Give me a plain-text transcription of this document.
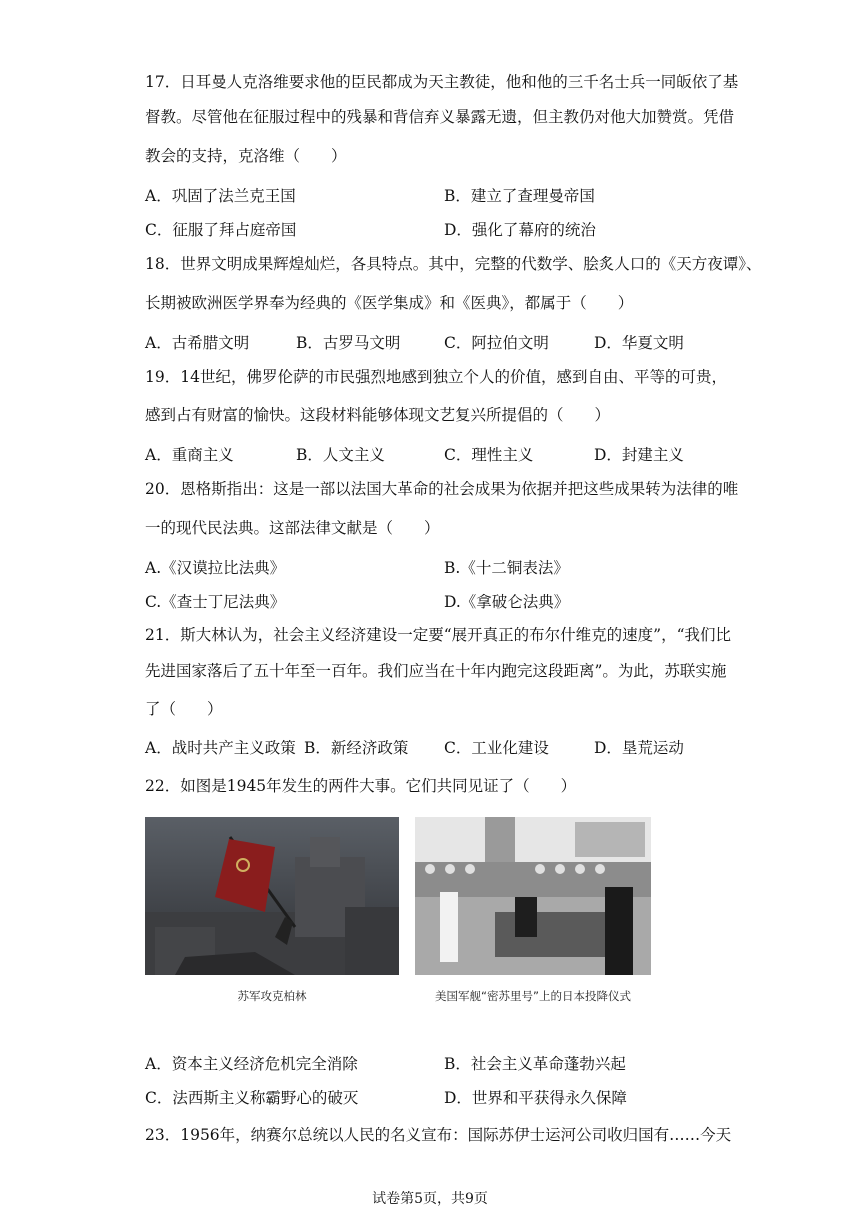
17．日耳曼人克洛维要求他的臣民都成为天主教徒，他和他的三千名士兵一同皈依了基
督教。尽管他在征服过程中的残暴和背信弃义暴露无遗，但主教仍对他大加赞赏。凭借
教会的支持，克洛维（　　）
A．巩固了法兰克王国	B．建立了查理曼帝国
C．征服了拜占庭帝国	D．强化了幕府的统治
18．世界文明成果辉煌灿烂，各具特点。其中，完整的代数学、脍炙人口的《天方夜谭》、
长期被欧洲医学界奉为经典的《医学集成》和《医典》，都属于（　　）
A．古希腊文明	B．古罗马文明	C．阿拉伯文明	D．华夏文明
19．14世纪，佛罗伦萨的市民强烈地感到独立个人的价值，感到自由、平等的可贵，
感到占有财富的愉快。这段材料能够体现文艺复兴所提倡的（　　）
A．重商主义	B．人文主义	C．理性主义	D．封建主义
20．恩格斯指出：这是一部以法国大革命的社会成果为依据并把这些成果转为法律的唯
一的现代民法典。这部法律文献是（　　）
A.《汉谟拉比法典》	B.《十二铜表法》
C.《查士丁尼法典》	D.《拿破仑法典》
21．斯大林认为，社会主义经济建设一定要“展开真正的布尔什维克的速度”，“我们比
先进国家落后了五十年至一百年。我们应当在十年内跑完这段距离”。为此，苏联实施
了（　　）
A．战时共产主义政策 B．新经济政策 C．工业化建设	D．垦荒运动
22．如图是1945年发生的两件大事。它们共同见证了（　　）
苏军攻克柏林	美国军舰“密苏里号”上的日本投降仪式
A．资本主义经济危机完全消除	B．社会主义革命蓬勃兴起
C．法西斯主义称霸野心的破灭	D．世界和平获得永久保障
23．1956年，纳赛尔总统以人民的名义宣布：国际苏伊士运河公司收归国有……今天
试卷第5页，共9页
